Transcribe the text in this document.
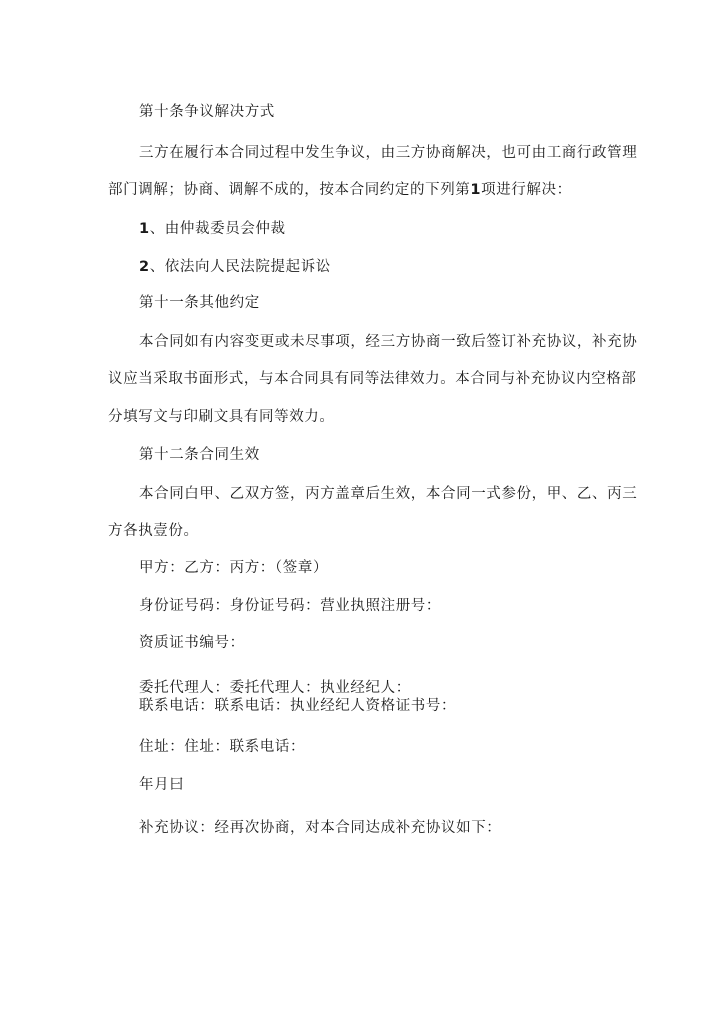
第十条争议解决方式
三方在履行本合同过程中发生争议，由三方协商解决，也可由工商行政管理
部门调解；协商、调解不成的，按本合同约定的下列第1项进行解决：
1、由仲裁委员会仲裁
2、依法向人民法院提起诉讼
第十一条其他约定
本合同如有内容变更或未尽事项，经三方协商一致后签订补充协议，补充协
议应当采取书面形式，与本合同具有同等法律效力。本合同与补充协议内空格部
分填写文与印刷文具有同等效力。
第十二条合同生效
本合同白甲、乙双方签，丙方盖章后生效，本合同一式参份，甲、乙、丙三
方各执壹份。
甲方：乙方：丙方：（签章）
身份证号码：身份证号码：营业执照注册号：
资质证书编号：
委托代理人：委托代理人：执业经纪人：
联系电话：联系电话：执业经纪人资格证书号：
住址：住址：联系电话：
年月曰
补充协议：经再次协商，对本合同达成补充协议如下：
